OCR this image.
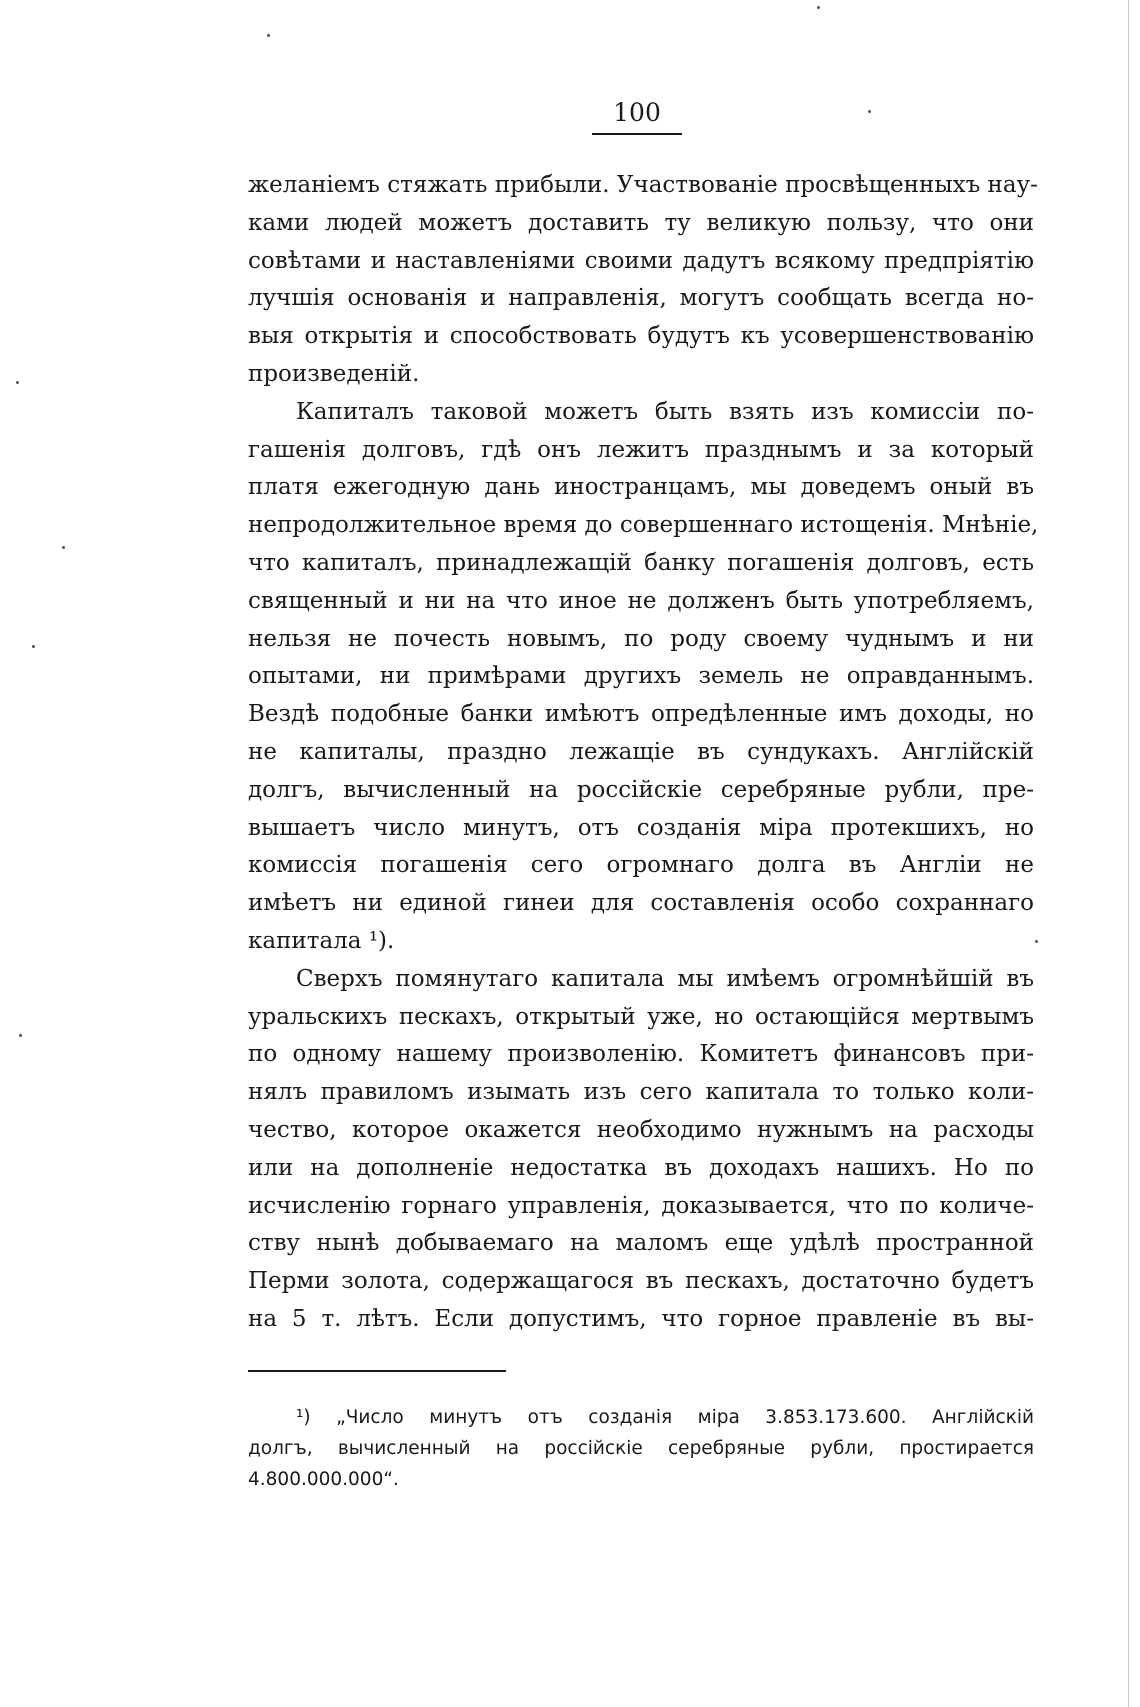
100
желаніемъ стяжать прибыли. Участвованіе просвѣщенныхъ нау-
ками людей можетъ доставить ту великую пользу, что они
совѣтами и наставленіями своими дадутъ всякому предпріятію
лучшія основанія и направленія, могутъ сообщать всегда но-
выя открытія и способствовать будутъ къ усовершенствованію
произведеній.
Капиталъ таковой можетъ быть взять изъ комиссіи по-
гашенія долговъ, гдѣ онъ лежитъ празднымъ и за который
платя ежегодную дань иностранцамъ, мы доведемъ оный въ
непродолжительное время до совершеннаго истощенія. Мнѣніе,
что капиталъ, принадлежащій банку погашенія долговъ, есть
священный и ни на что иное не долженъ быть употребляемъ,
нельзя не почесть новымъ, по роду своему чуднымъ и ни
опытами, ни примѣрами другихъ земель не оправданнымъ.
Вездѣ подобные банки имѣютъ опредѣленные имъ доходы, но
не капиталы, праздно лежащіе въ сундукахъ. Англійскій
долгъ, вычисленный на россійскіе серебряные рубли, пре-
вышаетъ число минутъ, отъ созданія міра протекшихъ, но
комиссія погашенія сего огромнаго долга въ Англіи не
имѣетъ ни единой гинеи для составленія особо сохраннаго
капитала ¹).
Сверхъ помянутаго капитала мы имѣемъ огромнѣйшій въ
уральскихъ пескахъ, открытый уже, но остающійся мертвымъ
по одному нашему произволенію. Комитетъ финансовъ при-
нялъ правиломъ изымать изъ сего капитала то только коли-
чество, которое окажется необходимо нужнымъ на расходы
или на дополненіе недостатка въ доходахъ нашихъ. Но по
исчисленію горнаго управленія, доказывается, что по количе-
ству нынѣ добываемаго на маломъ еще удѣлѣ пространной
Перми золота, содержащагося въ пескахъ, достаточно будетъ
на 5 т. лѣтъ. Если допустимъ, что горное правленіе въ вы-
¹) „Число минутъ отъ созданія міра 3.853.173.600. Англійскій
долгъ, вычисленный на россійскіе серебряные рубли, простирается
4.800.000.000“.
